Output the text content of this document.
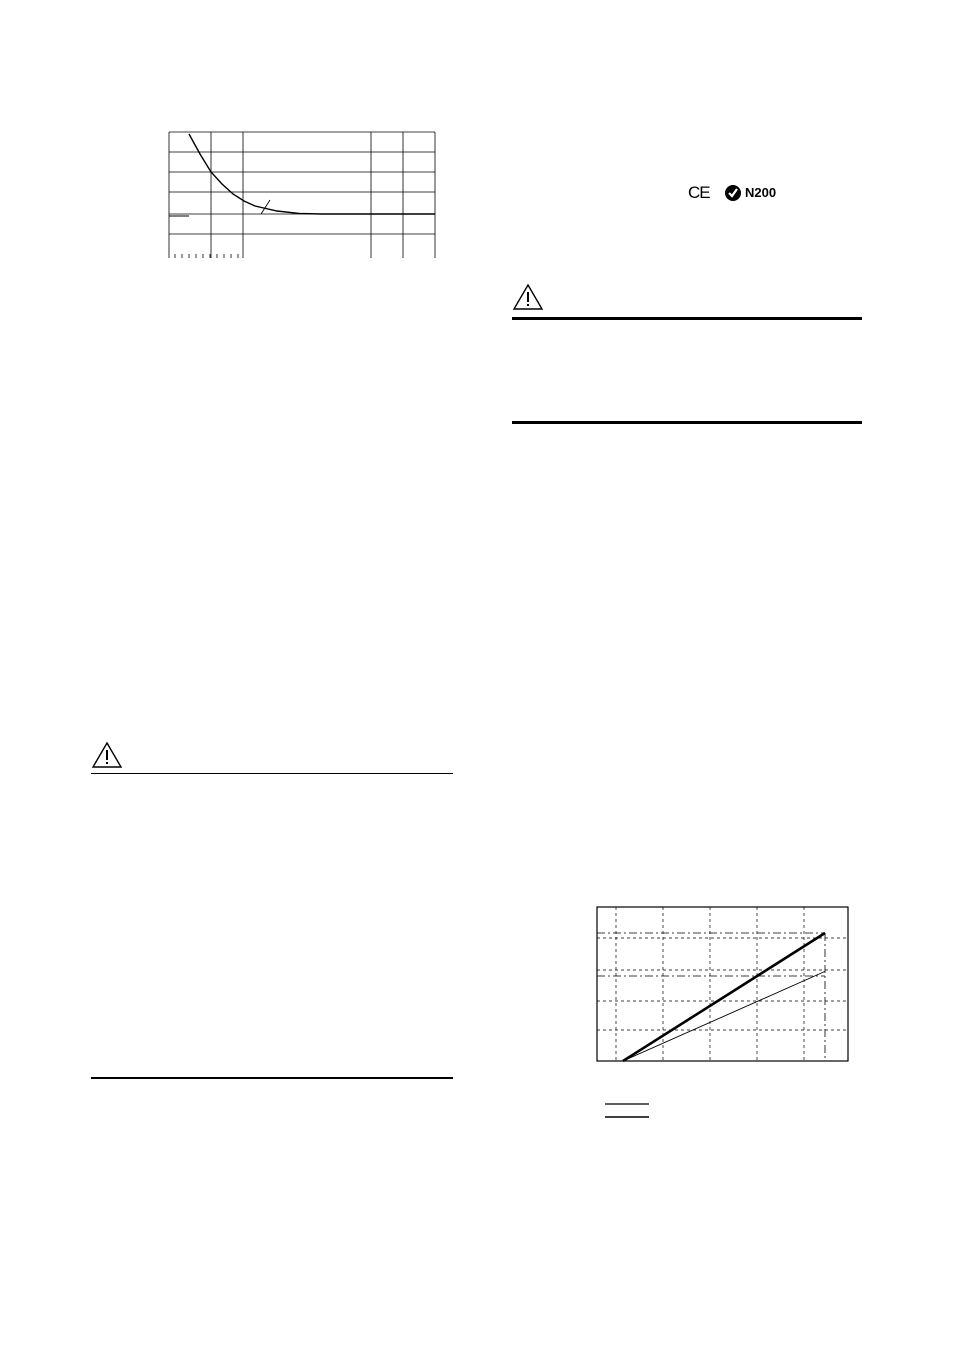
CE	N200
